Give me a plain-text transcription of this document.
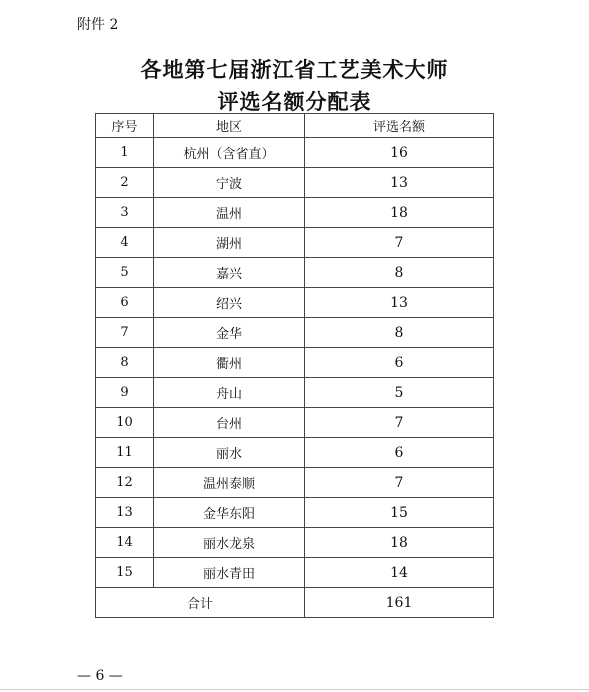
附件 2
各地第七届浙江省工艺美术大师
评选名额分配表
序号	地区	评选名额
1	杭州（含省直）	16
2	宁波	13
3	温州	18
4	湖州	7
5	嘉兴	8
6	绍兴	13
7	金华	8
8	衢州	6
9	舟山	5
10	台州	7
11	丽水	6
12	温州泰顺	7
13	金华东阳	15
14	丽水龙泉	18
15	丽水青田	14
合计		161
— 6 —
